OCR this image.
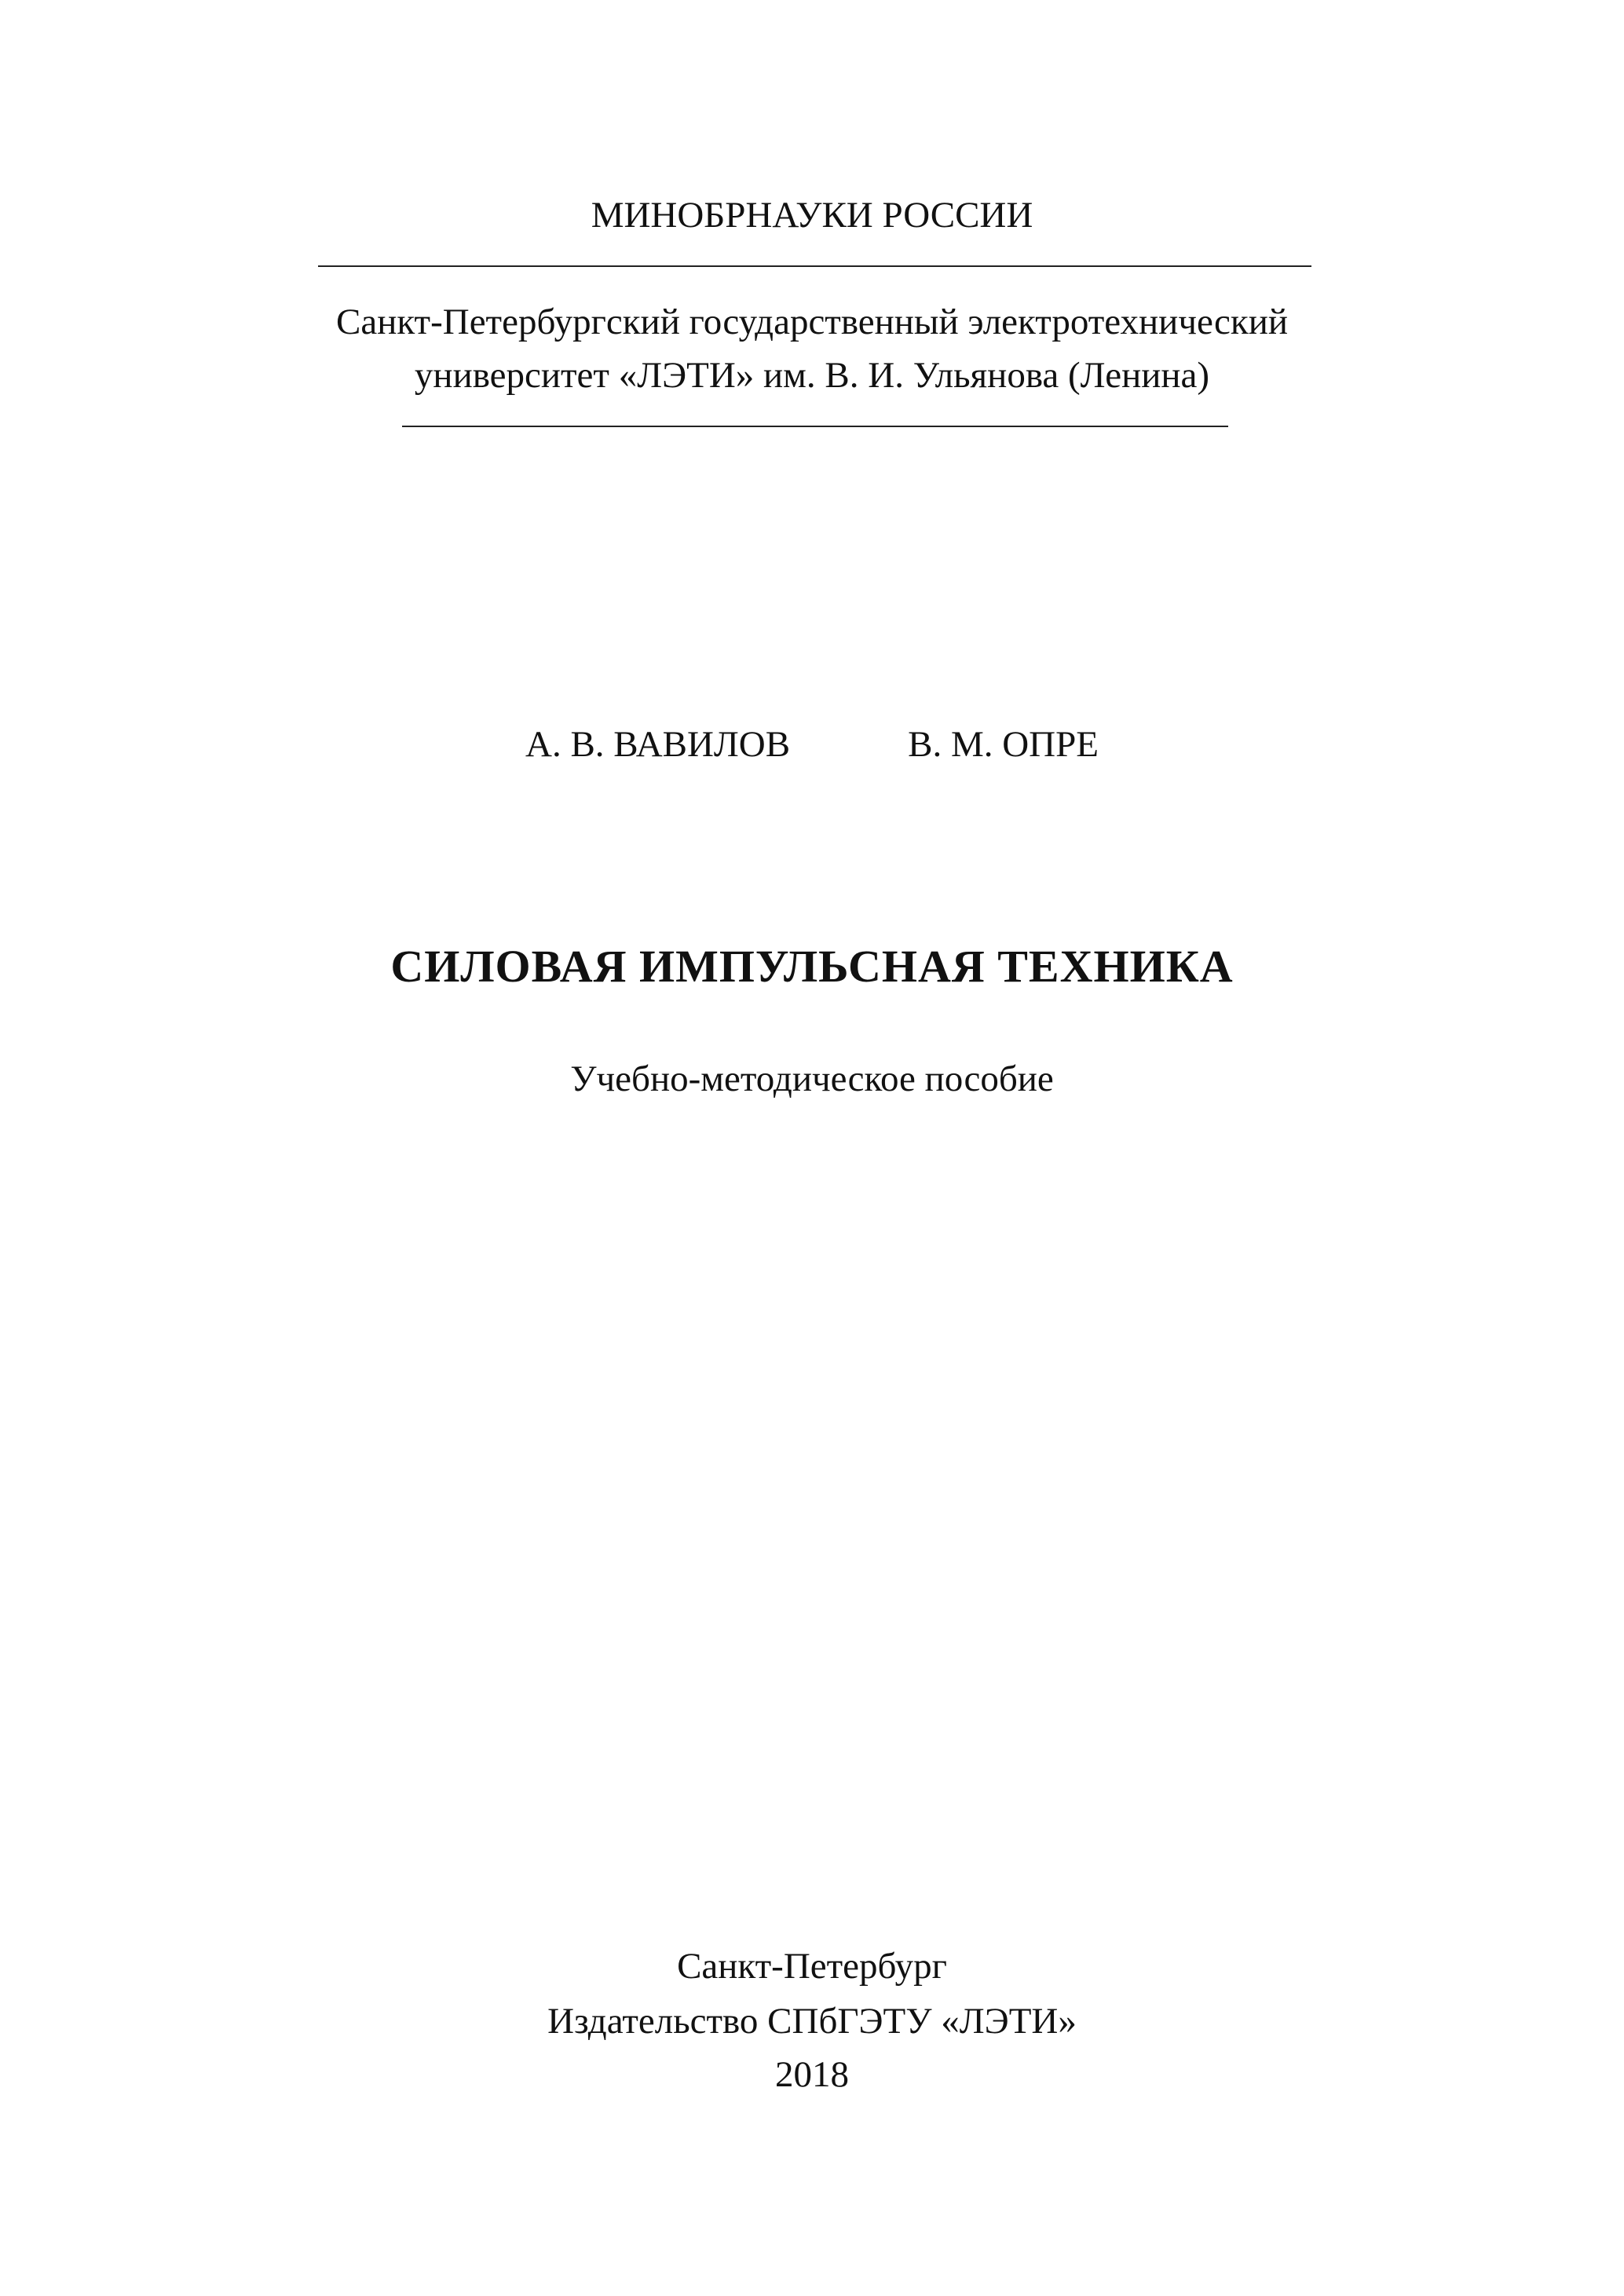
МИНОБРНАУКИ РОССИИ
Санкт-Петербургский государственный электротехнический
университет «ЛЭТИ» им. В. И. Ульянова (Ленина)
А. В. ВАВИЛОВ	В. М. ОПРЕ
СИЛОВАЯ ИМПУЛЬСНАЯ ТЕХНИКА
Учебно-методическое пособие
Санкт-Петербург
Издательство СПбГЭТУ «ЛЭТИ»
2018
